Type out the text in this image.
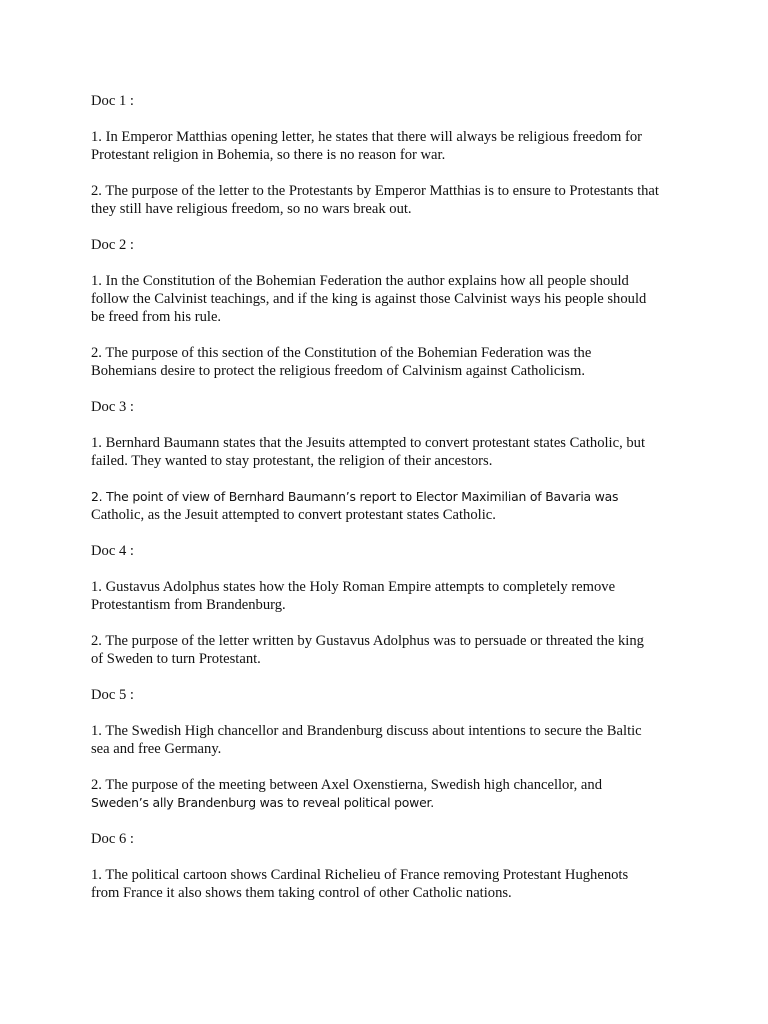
Doc 1 :

1. In Emperor Matthias opening letter, he states that there will always be religious freedom for
Protestant religion in Bohemia, so there is no reason for war.

2. The purpose of the letter to the Protestants by Emperor Matthias is to ensure to Protestants that
they still have religious freedom, so no wars break out.

Doc 2 :

1. In the Constitution of the Bohemian Federation the author explains how all people should
follow the Calvinist teachings, and if the king is against those Calvinist ways his people should
be freed from his rule.

2. The purpose of this section of the Constitution of the Bohemian Federation was the
Bohemians desire to protect the religious freedom of Calvinism against Catholicism.

Doc 3 :

1. Bernhard Baumann states that the Jesuits attempted to convert protestant states Catholic, but
failed. They wanted to stay protestant, the religion of their ancestors.

2. The point of view of Bernhard Baumann’s report to Elector Maximilian of Bavaria was
Catholic, as the Jesuit attempted to convert protestant states Catholic.

Doc 4 :

1. Gustavus Adolphus states how the Holy Roman Empire attempts to completely remove
Protestantism from Brandenburg.

2. The purpose of the letter written by Gustavus Adolphus was to persuade or threated the king
of Sweden to turn Protestant.

Doc 5 :

1. The Swedish High chancellor and Brandenburg discuss about intentions to secure the Baltic
sea and free Germany.

2. The purpose of the meeting between Axel Oxenstierna, Swedish high chancellor, and
Sweden’s ally Brandenburg was to reveal political power.

Doc 6 :

1. The political cartoon shows Cardinal Richelieu of France removing Protestant Hughenots
from France it also shows them taking control of other Catholic nations.
